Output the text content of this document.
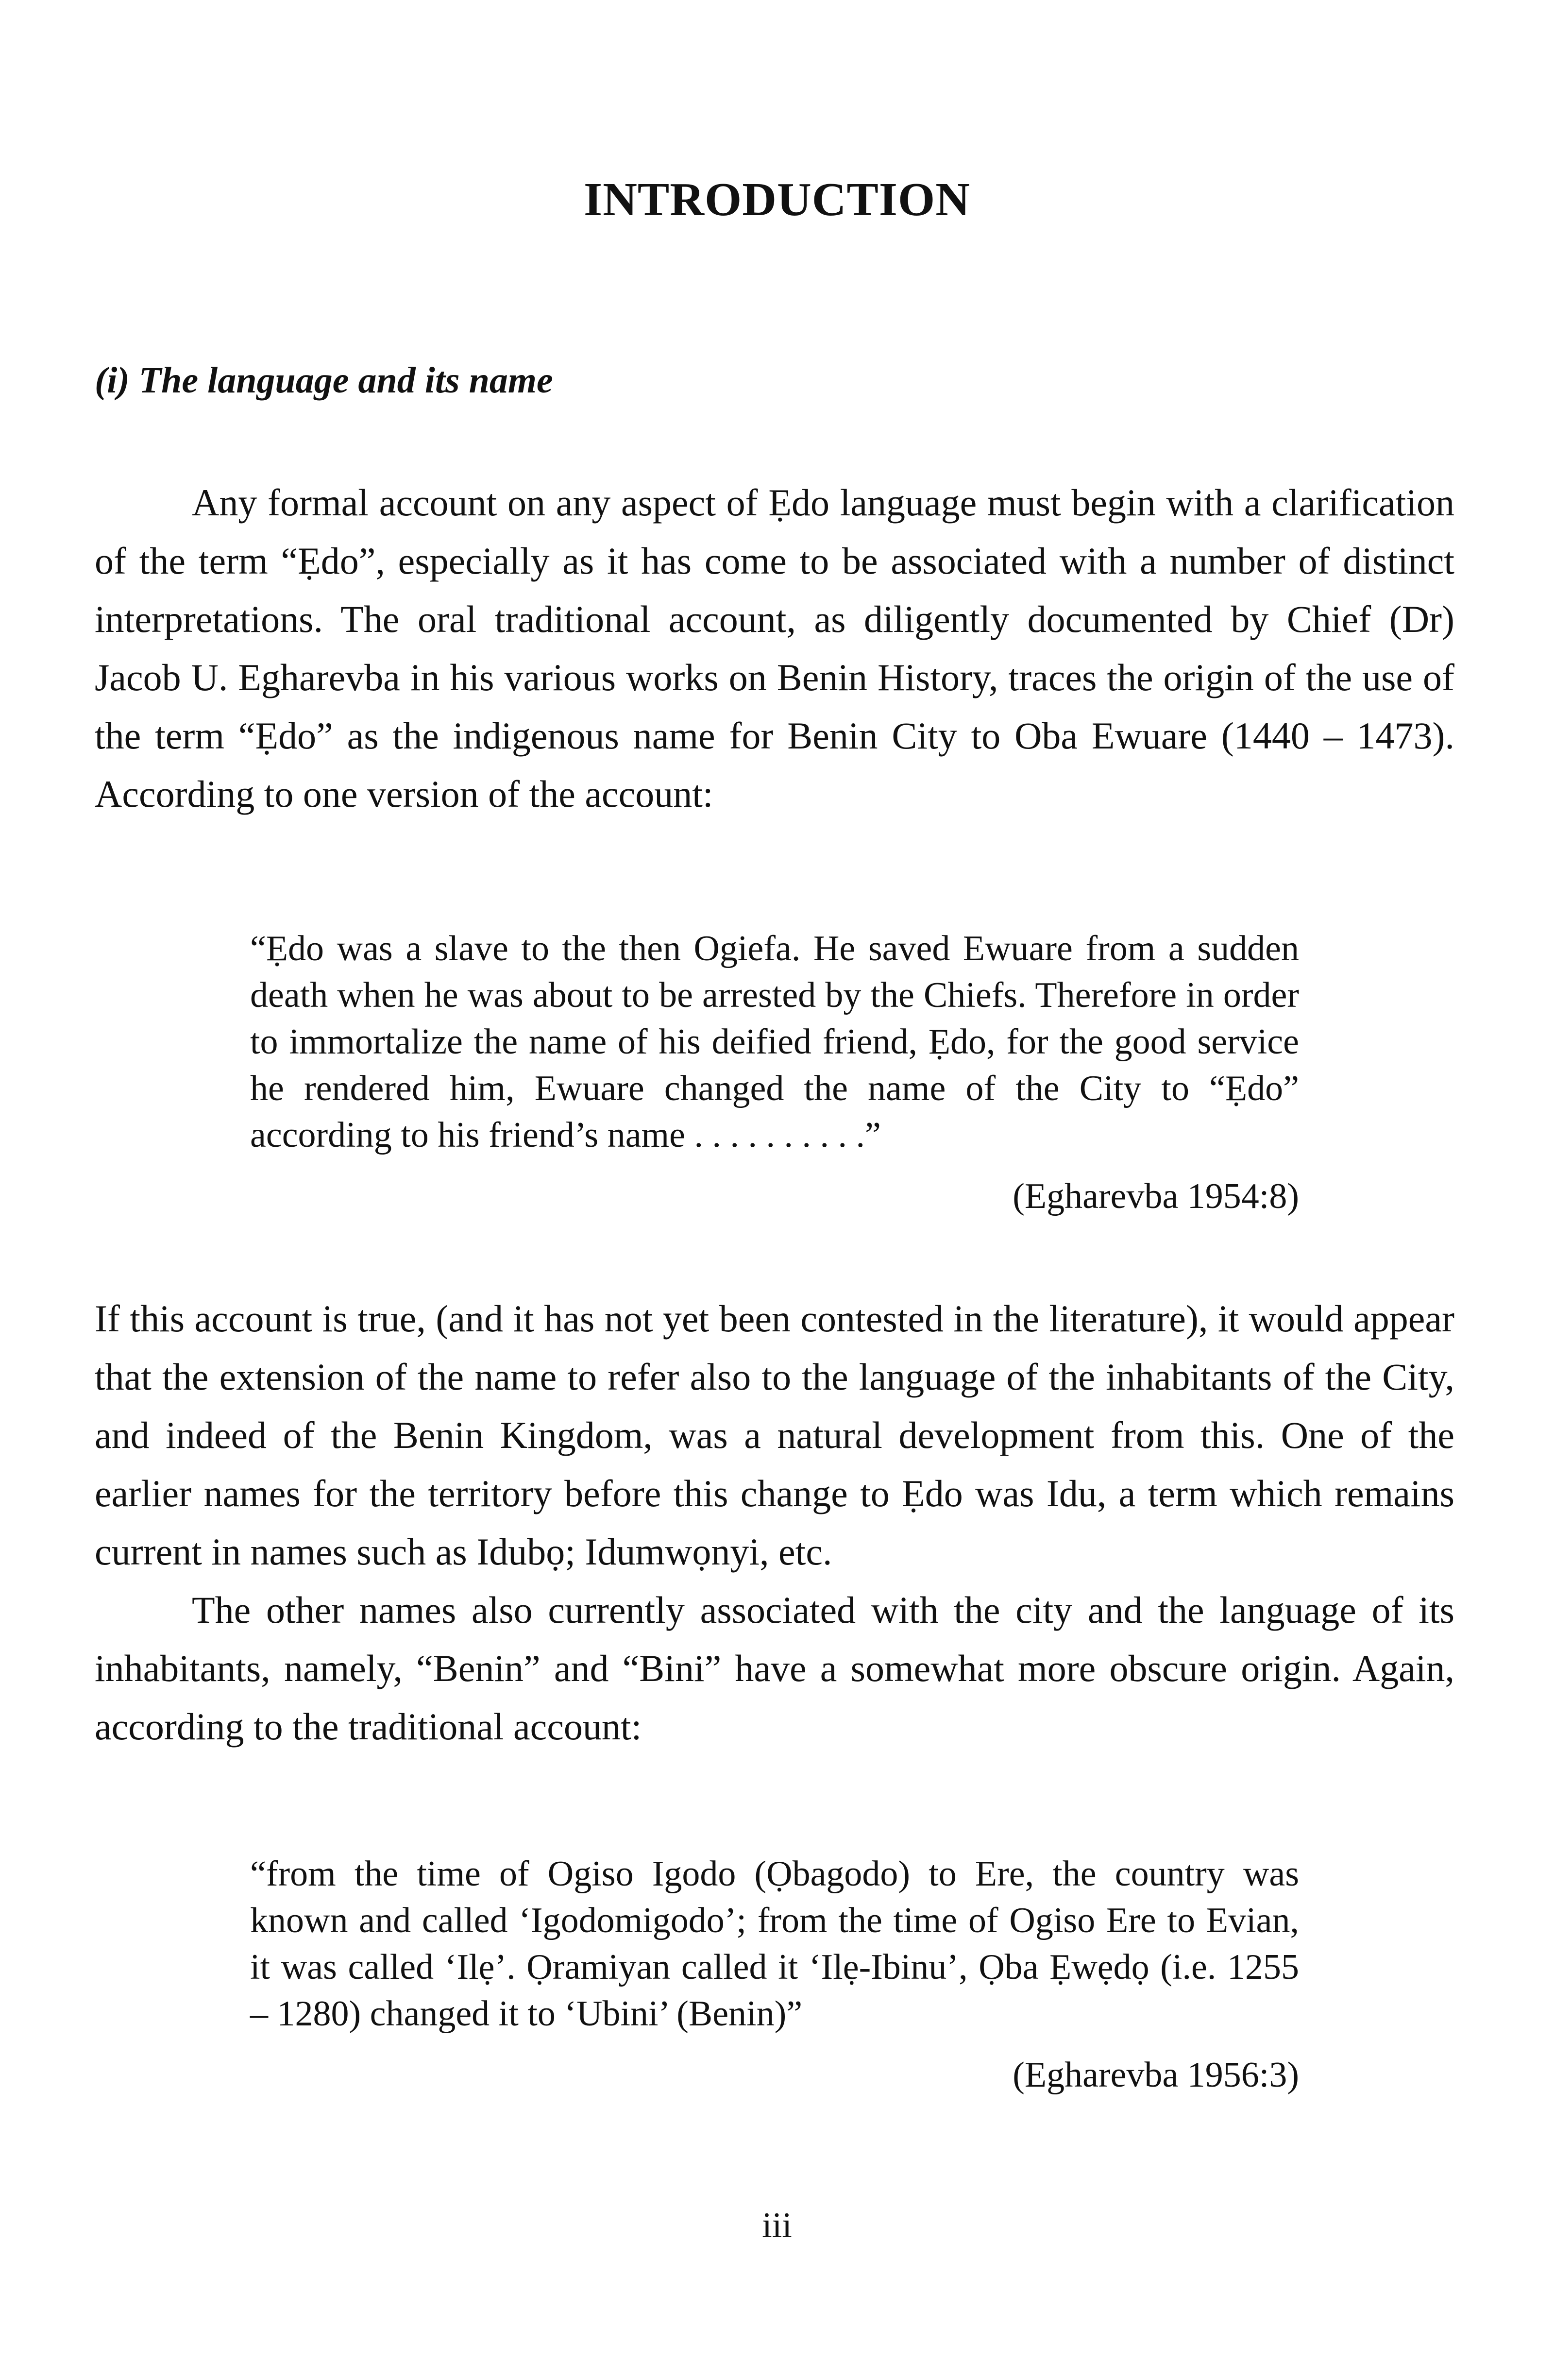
INTRODUCTION
(i) The language and its name

Any formal account on any aspect of Ẹdo language must begin with a clarification of the term “Ẹdo”, especially as it has come to be associated with a number of distinct interpretations. The oral traditional account, as diligently documented by Chief (Dr) Jacob U. Egharevba in his various works on Benin History, traces the origin of the use of the term “Ẹdo” as the indigenous name for Benin City to Oba Ewuare (1440 – 1473). According to one version of the account:

“Ẹdo was a slave to the then Ogiefa. He saved Ewuare from a sudden death when he was about to be arrested by the Chiefs. Therefore in order to immortalize the name of his deified friend, Ẹdo, for the good service he rendered him, Ewuare changed the name of the City to “Ẹdo” according to his friend’s name . . . . . . . . . .”

(Egharevba 1954:8)

If this account is true, (and it has not yet been contested in the literature), it would appear that the extension of the name to refer also to the language of the inhabitants of the City, and indeed of the Benin Kingdom, was a natural development from this. One of the earlier names for the territory before this change to Ẹdo was Idu, a term which remains current in names such as Idubọ; Idumwọnyi, etc.

The other names also currently associated with the city and the language of its inhabitants, namely, “Benin” and “Bini” have a somewhat more obscure origin. Again, according to the traditional account:

“from the time of Ogiso Igodo (Ọbagodo) to Ere, the country was known and called ‘Igodomigodo’; from the time of Ogiso Ere to Evian, it was called ‘Ilẹ’. Ọramiyan called it ‘Ilẹ-Ibinu’, Ọba Ẹwẹdọ (i.e. 1255 – 1280) changed it to ‘Ubini’ (Benin)”

(Egharevba 1956:3)

iii
